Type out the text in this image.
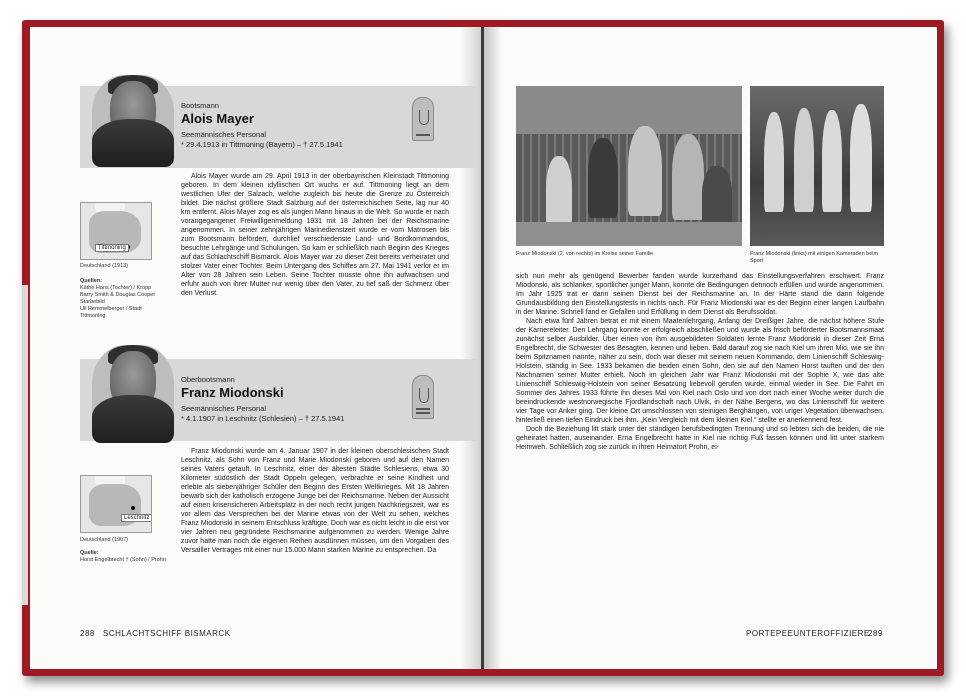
Bootsmann
Alois Mayer
Seemännisches Personal
* 29.4.1913 in Tittmoning (Bayern) – † 27.5.1941
Tittmoning
Deutschland (1913)
Quellen:
Käthe Hans (Tochter) / Kropp
Barry Smith & Douglas Cooper
Starbebild
Uli Remmelberger / Stadt Tittmoning

Alois Mayer wurde am 29. April 1913 in der oberbayrischen Kleinstadt Tittmoning geboren. In dem kleinen idyllischen Ort wuchs er auf. Tittmoning liegt an dem westlichen Ufer der Salzach, welche zugleich bis heute die Grenze zu Österreich bildet. Die nächst größere Stadt Salzburg auf der österreichischen Seite, lag nur 40 km entfernt. Alois Mayer zog es als jungen Mann hinaus in die Welt. So wurde er nach vorangegangener Freiwilligenmeldung 1931 mit 18 Jahren bei der Reichsmarine angenommen. In seiner zehnjährigen Marinedienstzeit wurde er vom Matrosen bis zum Bootsmann befördert, durchlief verschiedenste Land- und Bordkommandos, besuchte Lehrgänge und Schulungen. So kam er schließlich nach Beginn des Krieges auf das Schlachtschiff Bismarck. Alois Mayer war zu dieser Zeit bereits verheiratet und stolzer Vater einer Tochter. Beim Untergang des Schiffes am 27. Mai 1941 verlor er im Alter von 28 Jahren sein Leben. Seine Tochter musste ohne ihn aufwachsen und erfuhr auch von ihrer Mutter nur wenig über den Vater, zu tief saß der Schmerz über den Verlust.

Oberbootsmann
Franz Miodonski
Seemännisches Personal
* 4.1.1907 in Leschnitz (Schlesien) – † 27.5.1941
Leschnitz
Deutschland (1907)
Quelle:
Horst Engelbrecht † (Sohn) / Prohn

Franz Miodonski wurde am 4. Januar 1907 in der kleinen oberschlesischen Stadt Leschnitz, als Sohn von Franz und Marie Miodonski geboren und auf den Namen seines Vaters getauft. In Leschnitz, einer der ältesten Städte Schlesiens, etwa 30 Kilometer südöstlich der Stadt Oppeln gelegen, verbrachte er seine Kindheit und erlebte als siebenjähriger Schüler den Beginn des Ersten Weltkrieges. Mit 18 Jahren bewarb sich der katholisch erzogene Junge bei der Reichsmarine. Neben der Aussicht auf einen krisensicheren Arbeitsplatz in der noch recht jungen Nachkriegszeit, war es vor allem das Versprechen bei der Marine etwas von der Welt zu sehen, welches Franz Miodonski in seinem Entschluss kräftigte. Doch war es nicht leicht in die erst vor vier Jahren neu gegründete Reichsmarine aufgenommen zu werden. Wenige Jahre zuvor hatte man noch die eigenen Reihen ausdünnen müssen, um den Vorgaben des Versailler Vertrages mit einer nur 15.000 Mann starken Marine zu entsprechen. Da

288   SCHLACHTSCHIFF BISMARCK
Franz Miodonski (2. von rechts) im Kreise seiner Familie	Franz Miodonski (links) mit einigen Kameraden beim Sport

sich nun mehr als genügend Bewerber fanden wurde kurzerhand das Einstellungsverfahren erschwert. Franz Miodonski, als schlanker, sportlicher junger Mann, konnte die Bedingungen dennoch erfüllen und wurde angenommen. Im Jahr 1925 trat er dann seinen Dienst bei der Reichsmarine an. In der Härte stand die dann folgende Grundausbildung den Einstellungstests in nichts nach. Für Franz Miodonski war es der Beginn einer langen Laufbahn in der Marine. Schnell fand er Gefallen und Erfüllung in dem Dienst als Berufssoldat.

Nach etwa fünf Jahren betrat er mit einem Maatenlehrgang, Anfang der Dreißiger Jahre, die nächst höhere Stufe der Karriereleiter. Den Lehrgang konnte er erfolgreich abschließen und wurde als frisch beförderter Bootsmannsmaat zunächst selber Ausbilder. Über einen von ihm ausgebildeten Soldaten lernte Franz Miodonski in dieser Zeit Erna Engelbrecht, die Schwester des Besagten, kennen und lieben. Bald darauf zog sie nach Kiel um ihren Mio, wie sie ihn beim Spitznamen nannte, näher zu sein, doch war dieser mit seinem neuen Kommando, dem Linienschiff Schleswig-Holstein, ständig in See. 1933 bekamen die beiden einen Sohn, den sie auf den Namen Horst tauften und der den Nachnamen seiner Mutter erhielt. Noch im gleichen Jahr war Franz Miodonski mit der Sophie X, wie das alte Linienschiff Schleswig-Holstein von seiner Besatzung liebevoll gerufen wurde, einmal wieder in See. Die Fahrt im Sommer des Jahres 1933 führte ihn dieses Mal von Kiel nach Oslo und von dort nach einer Woche weiter durch die beeindruckende westnorwegische Fjordlandschaft nach Ulvik, in der Nähe Bergens, wo das Linienschiff für weitere vier Tage vor Anker ging. Der kleine Ort umschlossen von steinigen Berghängen, von uriger Vegetation überwachsen, hinterließ einen tiefen Eindruck bei ihm. „Kein Vergleich mit dem kleinen Kiel.“ stellte er anerkennend fest.

Doch die Beziehung litt stark unter der ständigen berufsbedingten Trennung und so lebten sich die beiden, die nie geheiratet hatten, auseinander. Erna Engelbrecht hatte in Kiel nie richtig Fuß fassen können und litt unter starkem Heimweh. Schließlich zog sie zurück in ihren Heimatort Prohn, ei-

PORTEPEEUNTEROFFIZIERE
289
